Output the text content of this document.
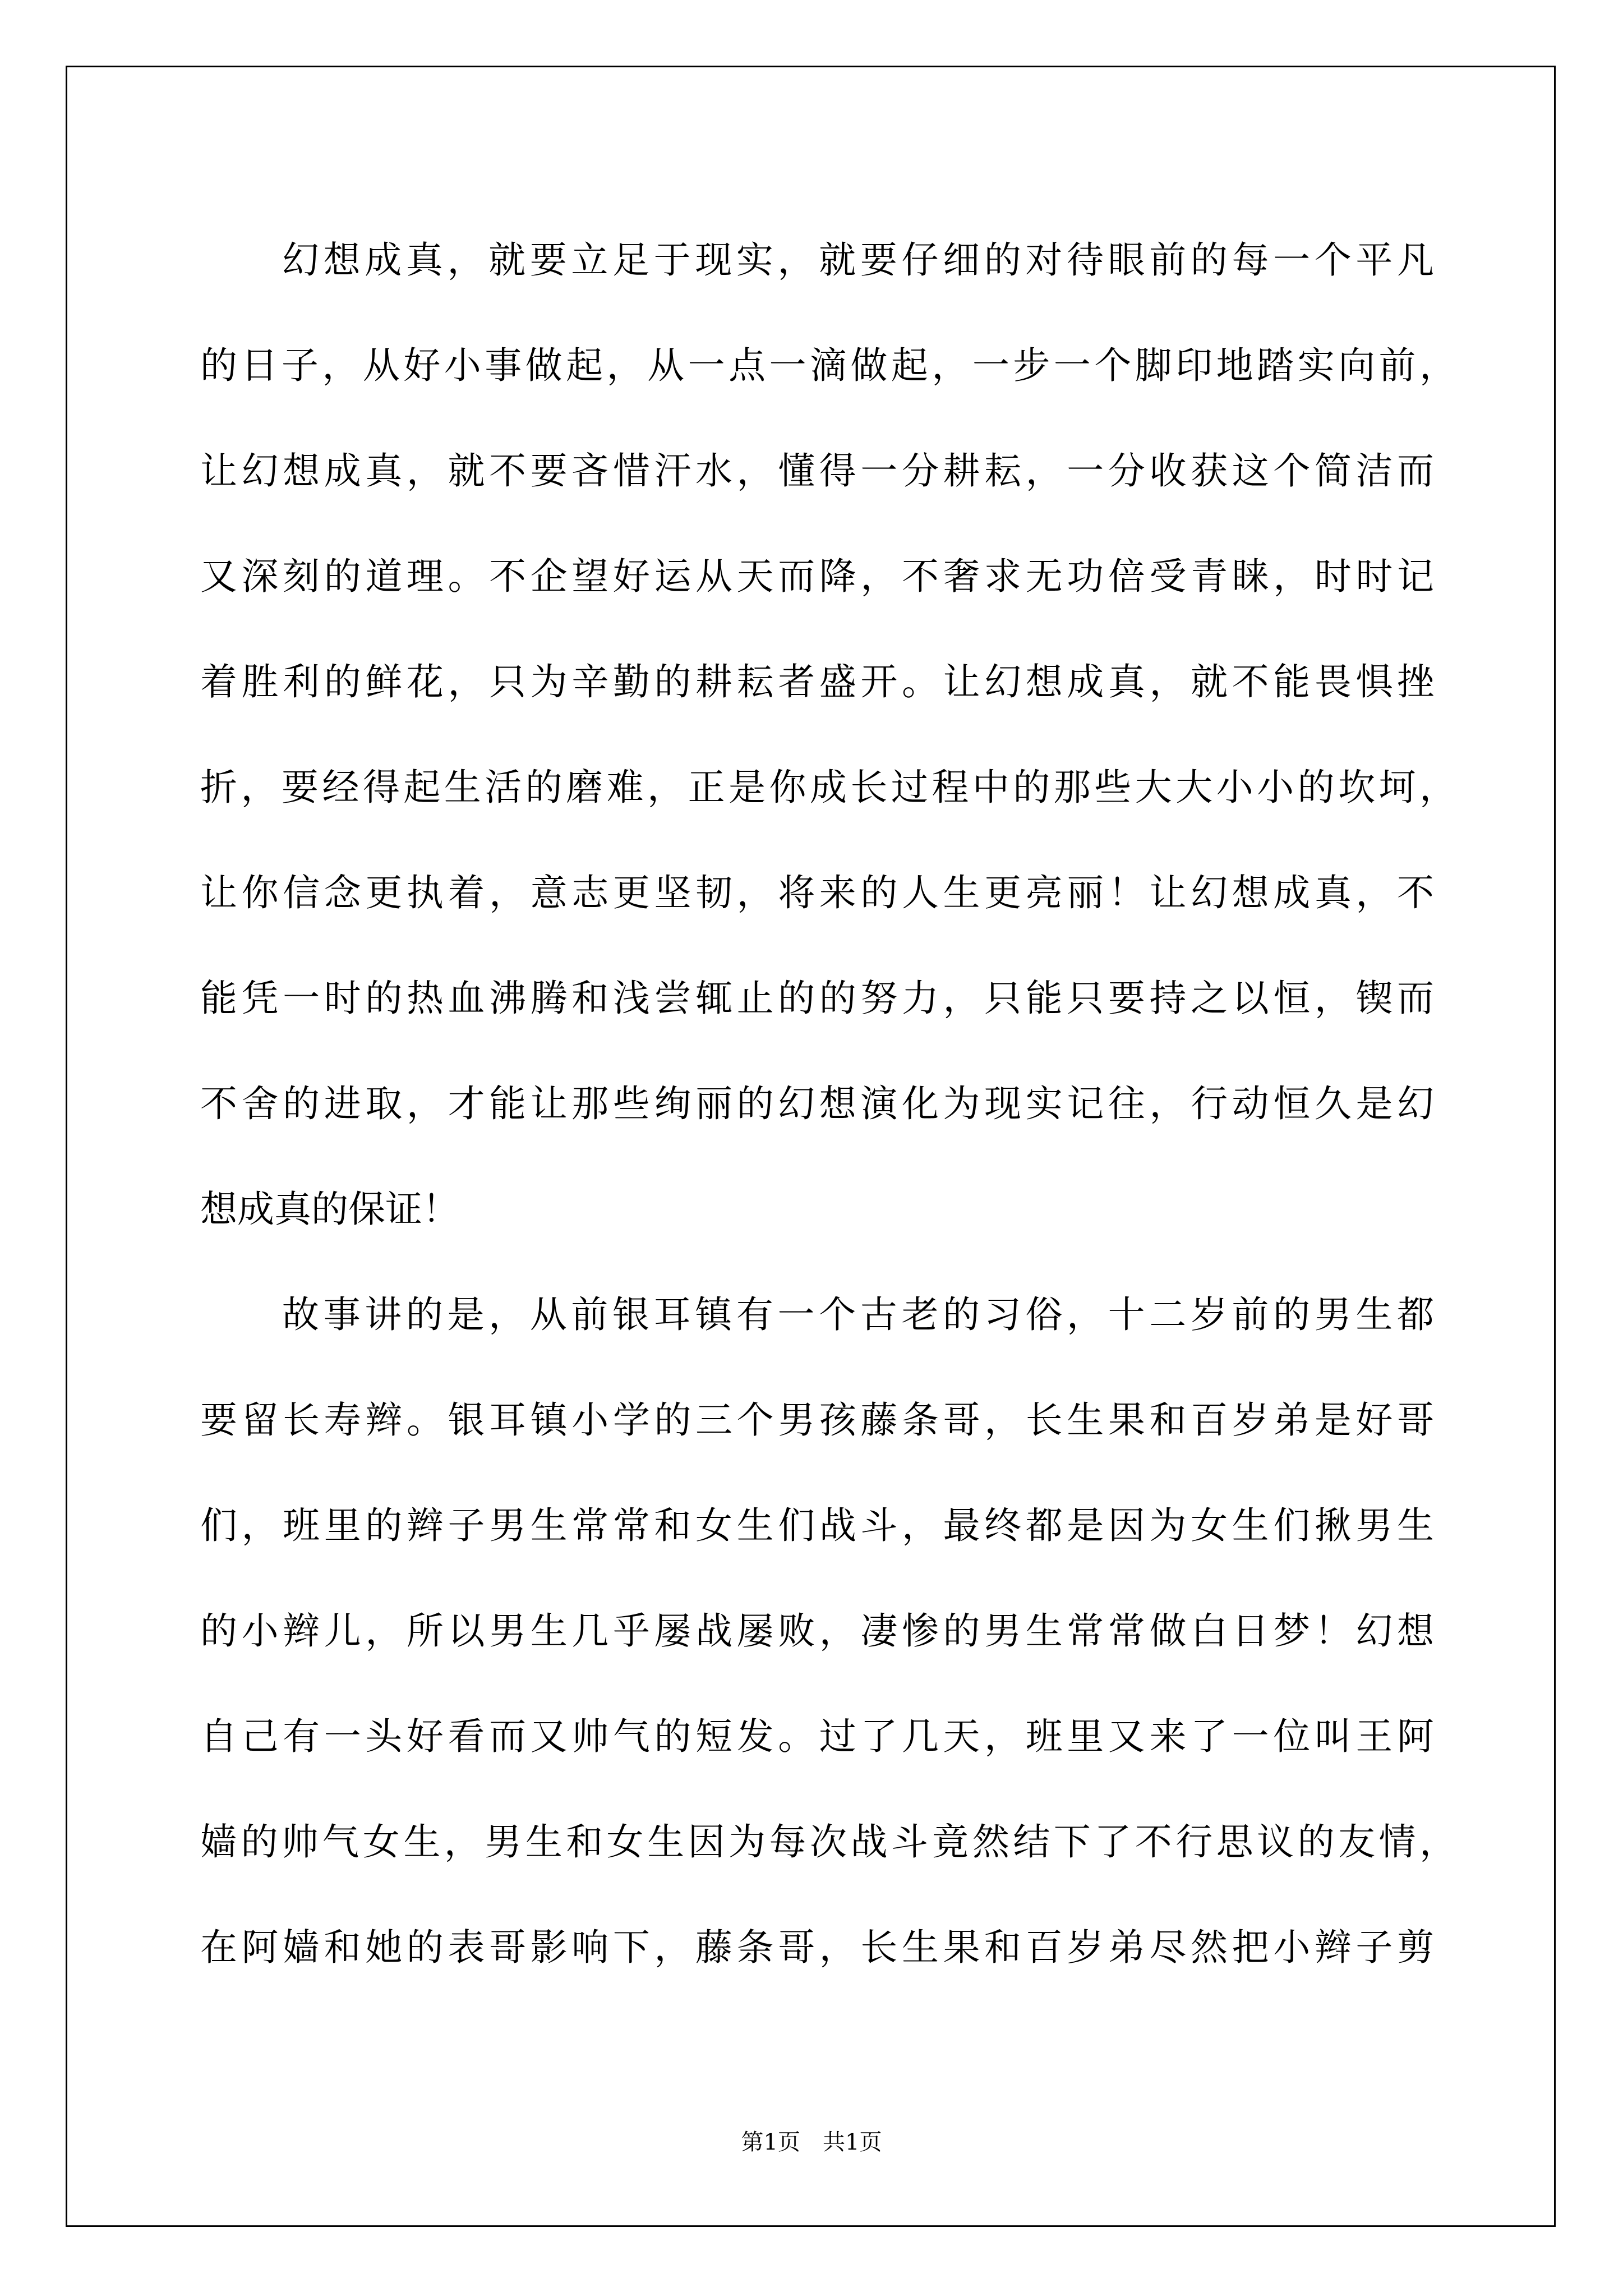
幻想成真，就要立足于现实，就要仔细的对待眼前的每一个平凡
的日子，从好小事做起，从一点一滴做起，一步一个脚印地踏实向前，
让幻想成真，就不要吝惜汗水，懂得一分耕耘，一分收获这个简洁而
又深刻的道理。不企望好运从天而降，不奢求无功倍受青睐，时时记
着胜利的鲜花，只为辛勤的耕耘者盛开。让幻想成真，就不能畏惧挫
折，要经得起生活的磨难，正是你成长过程中的那些大大小小的坎坷，
让你信念更执着，意志更坚韧，将来的人生更亮丽！让幻想成真，不
能凭一时的热血沸腾和浅尝辄止的的努力，只能只要持之以恒，锲而
不舍的进取，才能让那些绚丽的幻想演化为现实记往，行动恒久是幻
想成真的保证！
故事讲的是，从前银耳镇有一个古老的习俗，十二岁前的男生都
要留长寿辫。银耳镇小学的三个男孩藤条哥，长生果和百岁弟是好哥
们，班里的辫子男生常常和女生们战斗，最终都是因为女生们揪男生
的小辫儿，所以男生几乎屡战屡败，凄惨的男生常常做白日梦！幻想
自己有一头好看而又帅气的短发。过了几天，班里又来了一位叫王阿
嫱的帅气女生，男生和女生因为每次战斗竟然结下了不行思议的友情，
在阿嫱和她的表哥影响下，藤条哥，长生果和百岁弟尽然把小辫子剪
第1页　共1页
